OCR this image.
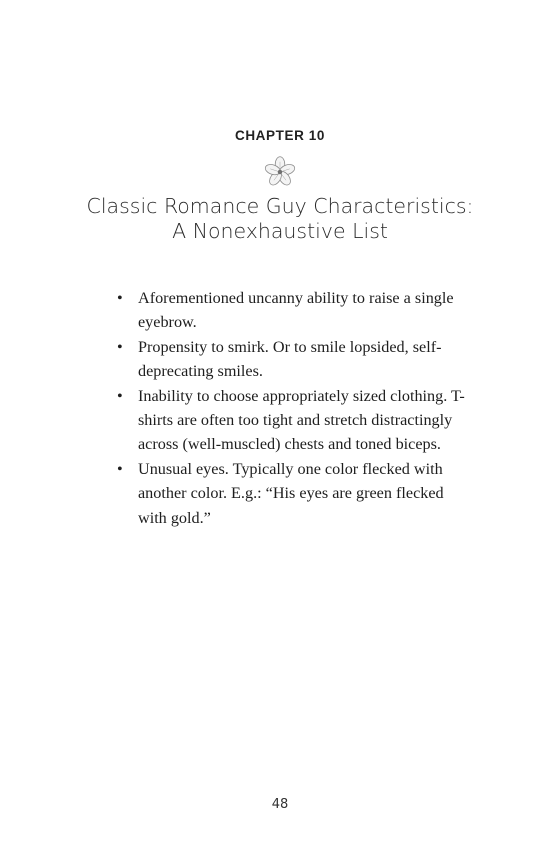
CHAPTER 10
Classic Romance Guy Characteristics:
A Nonexhaustive List
• Aforementioned uncanny ability to raise a single eyebrow.
• Propensity to smirk. Or to smile lopsided, self-deprecating smiles.
• Inability to choose appropriately sized clothing. T-shirts are often too tight and stretch distractingly across (well-muscled) chests and toned biceps.
• Unusual eyes. Typically one color flecked with another color. E.g.: “His eyes are green flecked with gold.”
48
